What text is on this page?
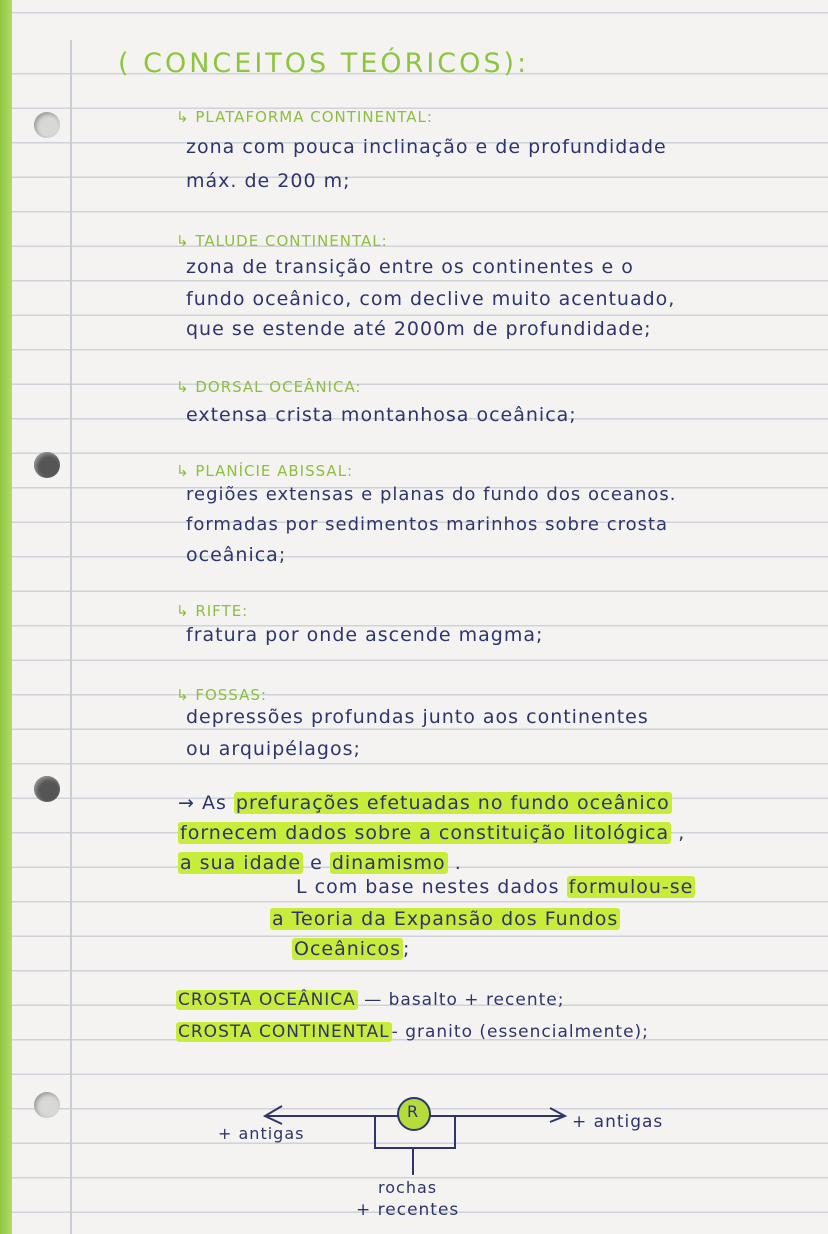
( CONCEITOS TEÓRICOS):
↳ PLATAFORMA CONTINENTAL:
zona com pouca inclinação e de profundidade
máx. de 200 m;
↳ TALUDE CONTINENTAL:
zona de transição entre os continentes e o
fundo oceânico, com declive muito acentuado,
que se estende até 2000m de profundidade;
↳ DORSAL OCEÂNICA:
extensa crista montanhosa oceânica;
↳ PLANÍCIE ABISSAL:
regiões extensas e planas do fundo dos oceanos.
formadas por sedimentos marinhos sobre crosta
oceânica;
↳ RIFTE:
fratura por onde ascende magma;
↳ FOSSAS:
depressões profundas junto aos continentes
ou arquipélagos;
→ As prefurações efetuadas no fundo oceânico
fornecem dados sobre a constituição litológica ,
a sua idade e dinamismo .
L com base nestes dados formulou-se
a Teoria da Expansão dos Fundos
Oceânicos ;
CROSTA OCEÂNICA — basalto + recente;
CROSTA CONTINENTAL - granito (essencialmente);
R
+ antigas
+ antigas
rochas
+ recentes
